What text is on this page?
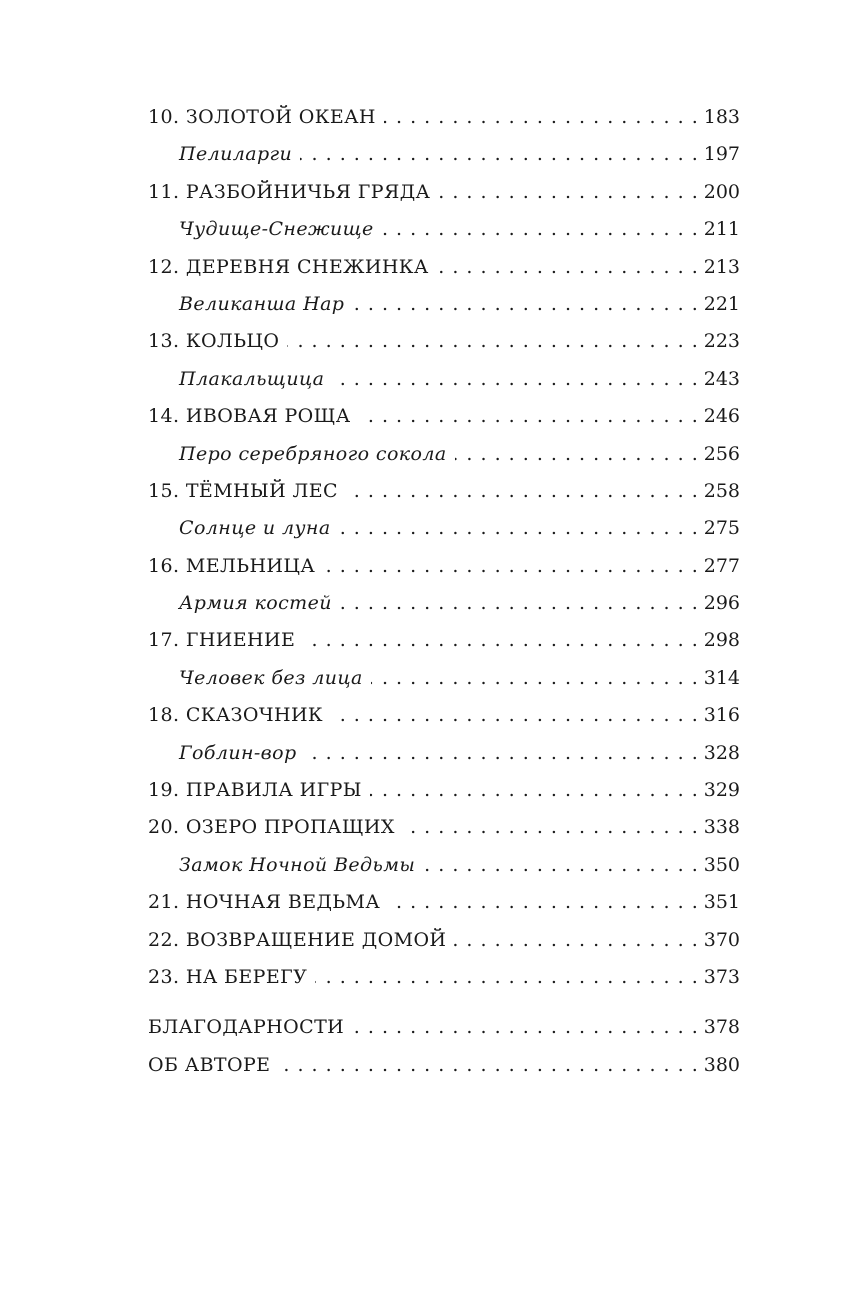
10. ЗОЛОТОЙ ОКЕАН . . .	183
Пелиларги . . .	197
11. РАЗБОЙНИЧЬЯ ГРЯДА . . .	200
Чудище-Снежище . . .	211
12. ДЕРЕВНЯ СНЕЖИНКА . . .	213
Великанша Нар . . .	221
13. КОЛЬЦО . . .	223
Плакальщица . . .	243
14. ИВОВАЯ РОЩА . . .	246
Перо серебряного сокола . . .	256
15. ТЁМНЫЙ ЛЕС . . .	258
Солнце и луна . . .	275
16. МЕЛЬНИЦА . . .	277
Армия костей . . .	296
17. ГНИЕНИЕ . . .	298
Человек без лица . . .	314
18. СКАЗОЧНИК . . .	316
Гоблин-вор . . .	328
19. ПРАВИЛА ИГРЫ . . .	329
20. ОЗЕРО ПРОПАЩИХ . . .	338
Замок Ночной Ведьмы . . .	350
21. НОЧНАЯ ВЕДЬМА . . .	351
22. ВОЗВРАЩЕНИЕ ДОМОЙ . . .	370
23. НА БЕРЕГУ . . .	373
БЛАГОДАРНОСТИ . . .	378
ОБ АВТОРЕ . . .	380
